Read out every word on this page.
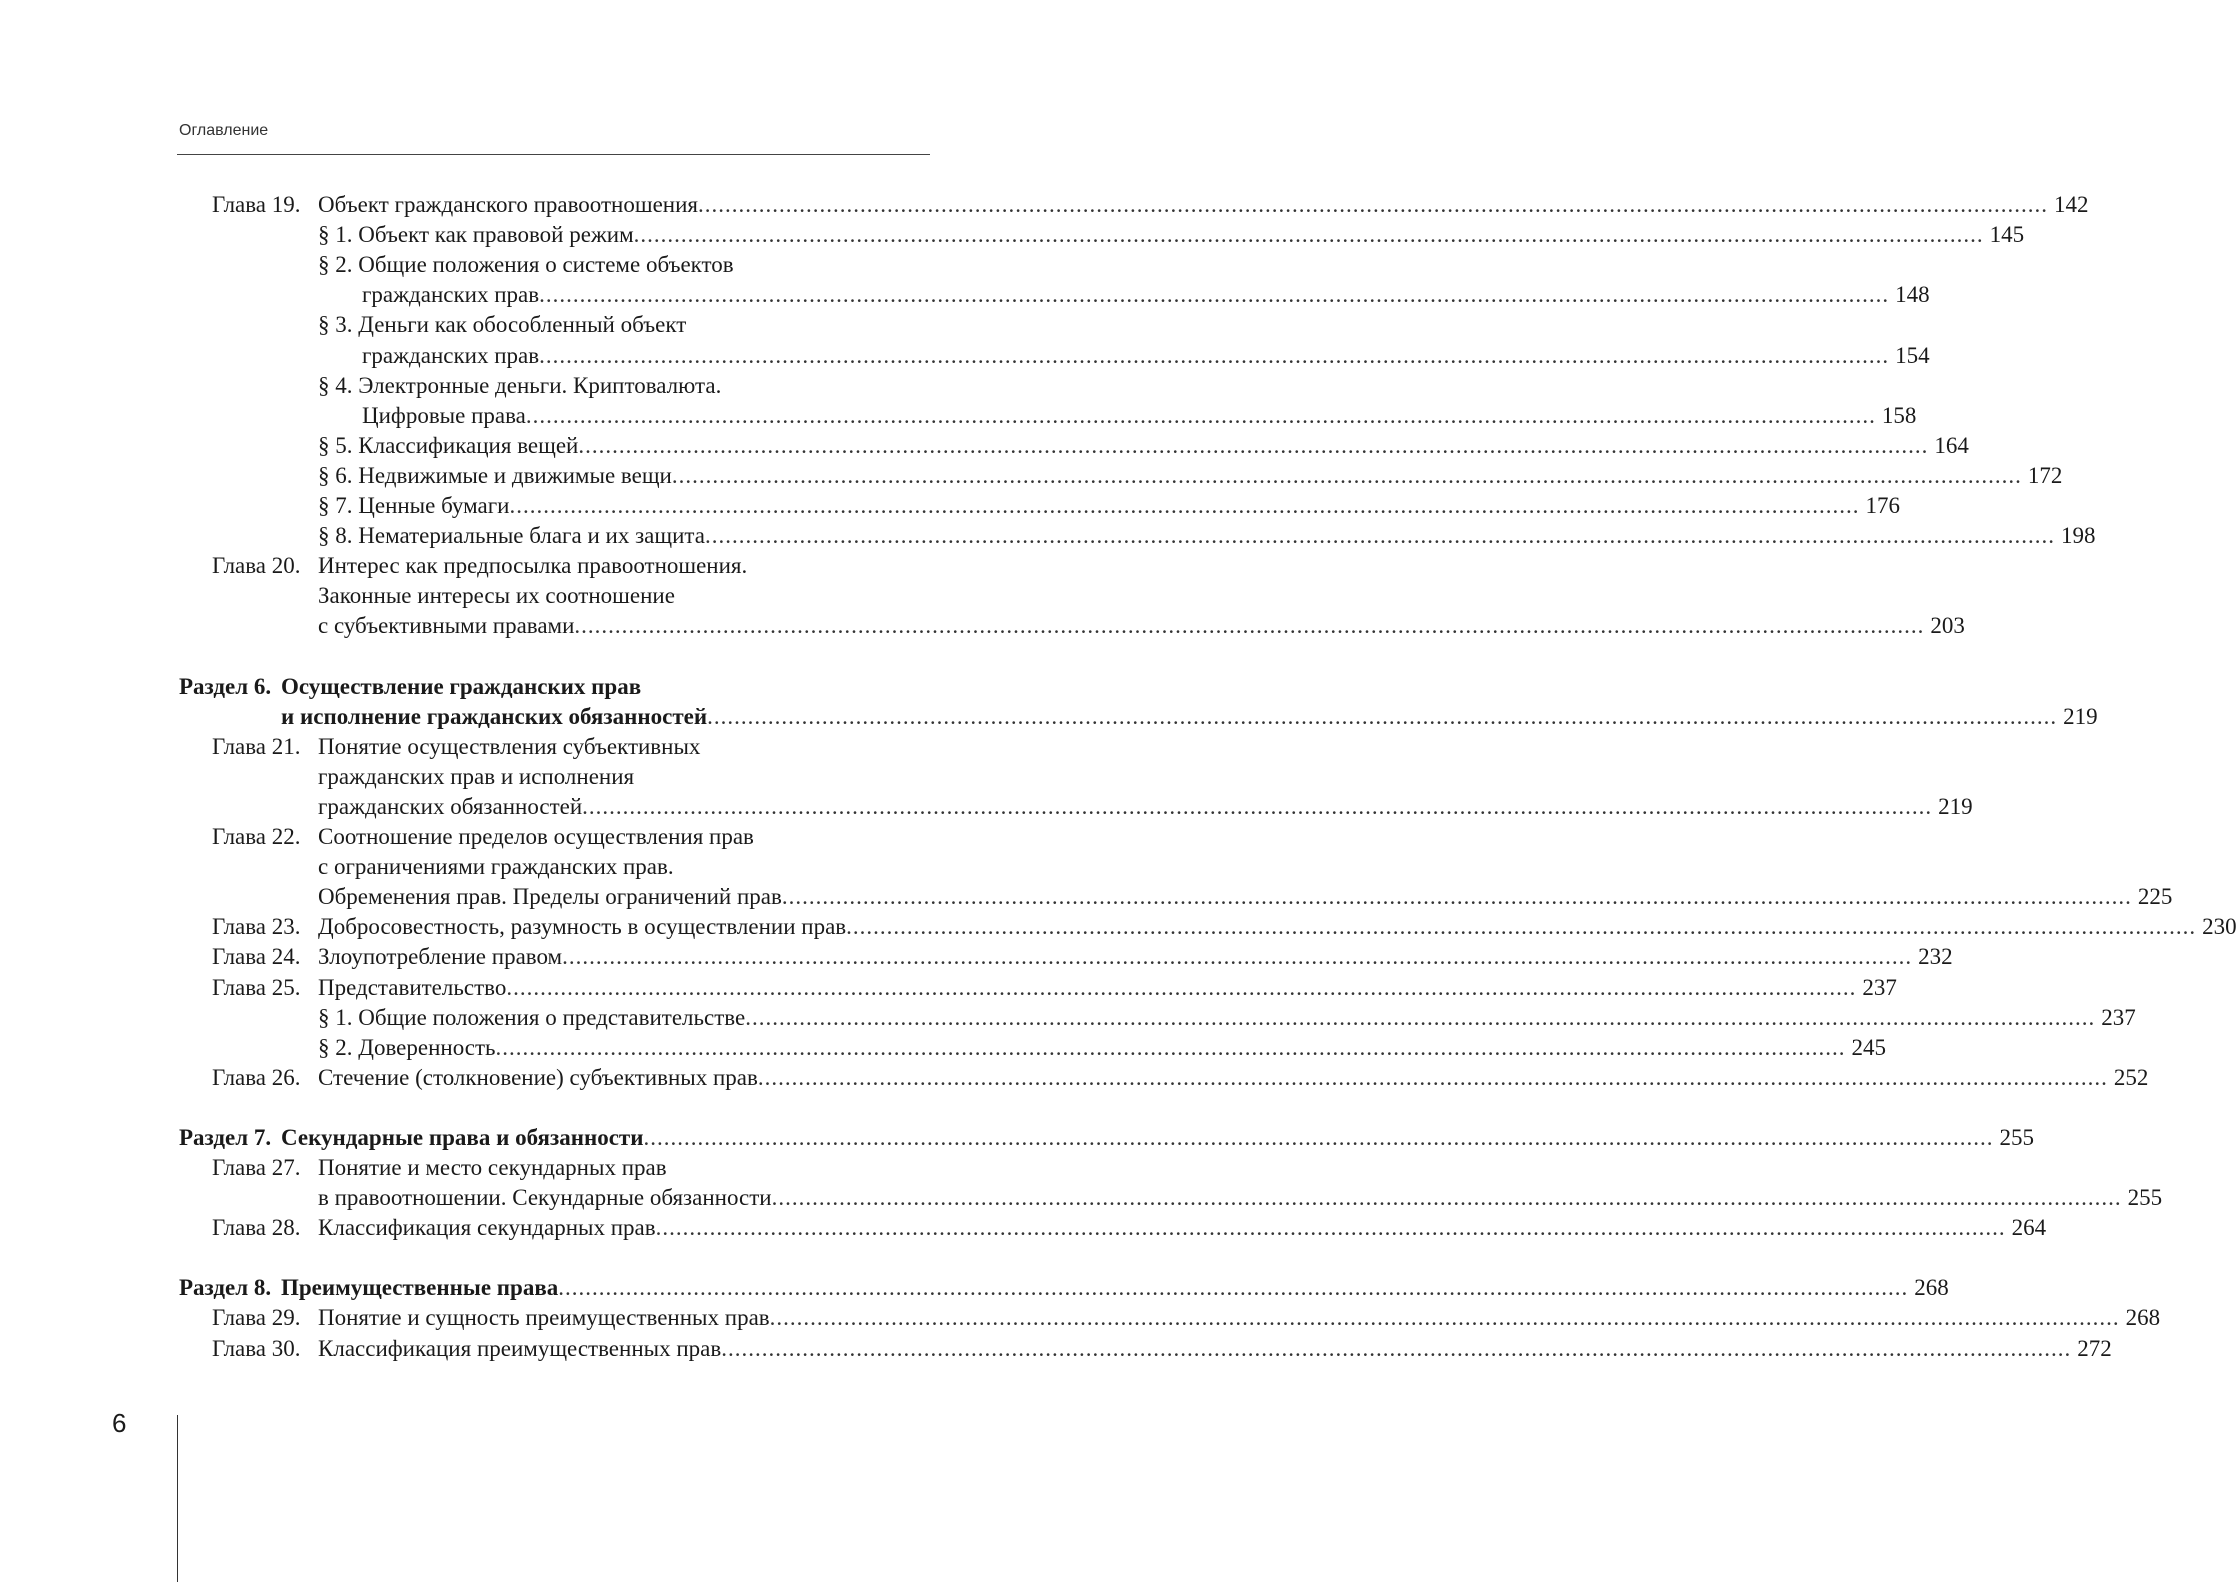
Оглавление
Глава 19. Объект гражданского правоотношения ........................................................................................................................................................................................................ 142
§ 1. Объект как правовой режим ........................................................................................................................................................................................................ 145
§ 2. Общие положения о системе объектов
гражданских прав ........................................................................................................................................................................................................ 148
§ 3. Деньги как обособленный объект
гражданских прав ........................................................................................................................................................................................................ 154
§ 4. Электронные деньги. Криптовалюта.
Цифровые права ........................................................................................................................................................................................................ 158
§ 5. Классификация вещей ........................................................................................................................................................................................................ 164
§ 6. Недвижимые и движимые вещи ........................................................................................................................................................................................................ 172
§ 7. Ценные бумаги ........................................................................................................................................................................................................ 176
§ 8. Нематериальные блага и их защита ........................................................................................................................................................................................................ 198
Глава 20. Интерес как предпосылка правоотношения.
Законные интересы их соотношение
с субъективными правами ........................................................................................................................................................................................................ 203
Раздел 6. Осуществление гражданских прав
и исполнение гражданских обязанностей ........................................................................................................................................................................................................ 219
Глава 21. Понятие осуществления субъективных
гражданских прав и исполнения
гражданских обязанностей ........................................................................................................................................................................................................ 219
Глава 22. Соотношение пределов осуществления прав
с ограничениями гражданских прав.
Обременения прав. Пределы ограничений прав ........................................................................................................................................................................................................ 225
Глава 23. Добросовестность, разумность в осуществлении прав ........................................................................................................................................................................................................ 230
Глава 24. Злоупотребление правом ........................................................................................................................................................................................................ 232
Глава 25. Представительство ........................................................................................................................................................................................................ 237
§ 1. Общие положения о представительстве ........................................................................................................................................................................................................ 237
§ 2. Доверенность ........................................................................................................................................................................................................ 245
Глава 26. Стечение (столкновение) субъективных прав ........................................................................................................................................................................................................ 252
Раздел 7. Секундарные права и обязанности ........................................................................................................................................................................................................ 255
Глава 27. Понятие и место секундарных прав
в правоотношении. Секундарные обязанности ........................................................................................................................................................................................................ 255
Глава 28. Классификация секундарных прав ........................................................................................................................................................................................................ 264
Раздел 8. Преимущественные права ........................................................................................................................................................................................................ 268
Глава 29. Понятие и сущность преимущественных прав ........................................................................................................................................................................................................ 268
Глава 30. Классификация преимущественных прав ........................................................................................................................................................................................................ 272
6
